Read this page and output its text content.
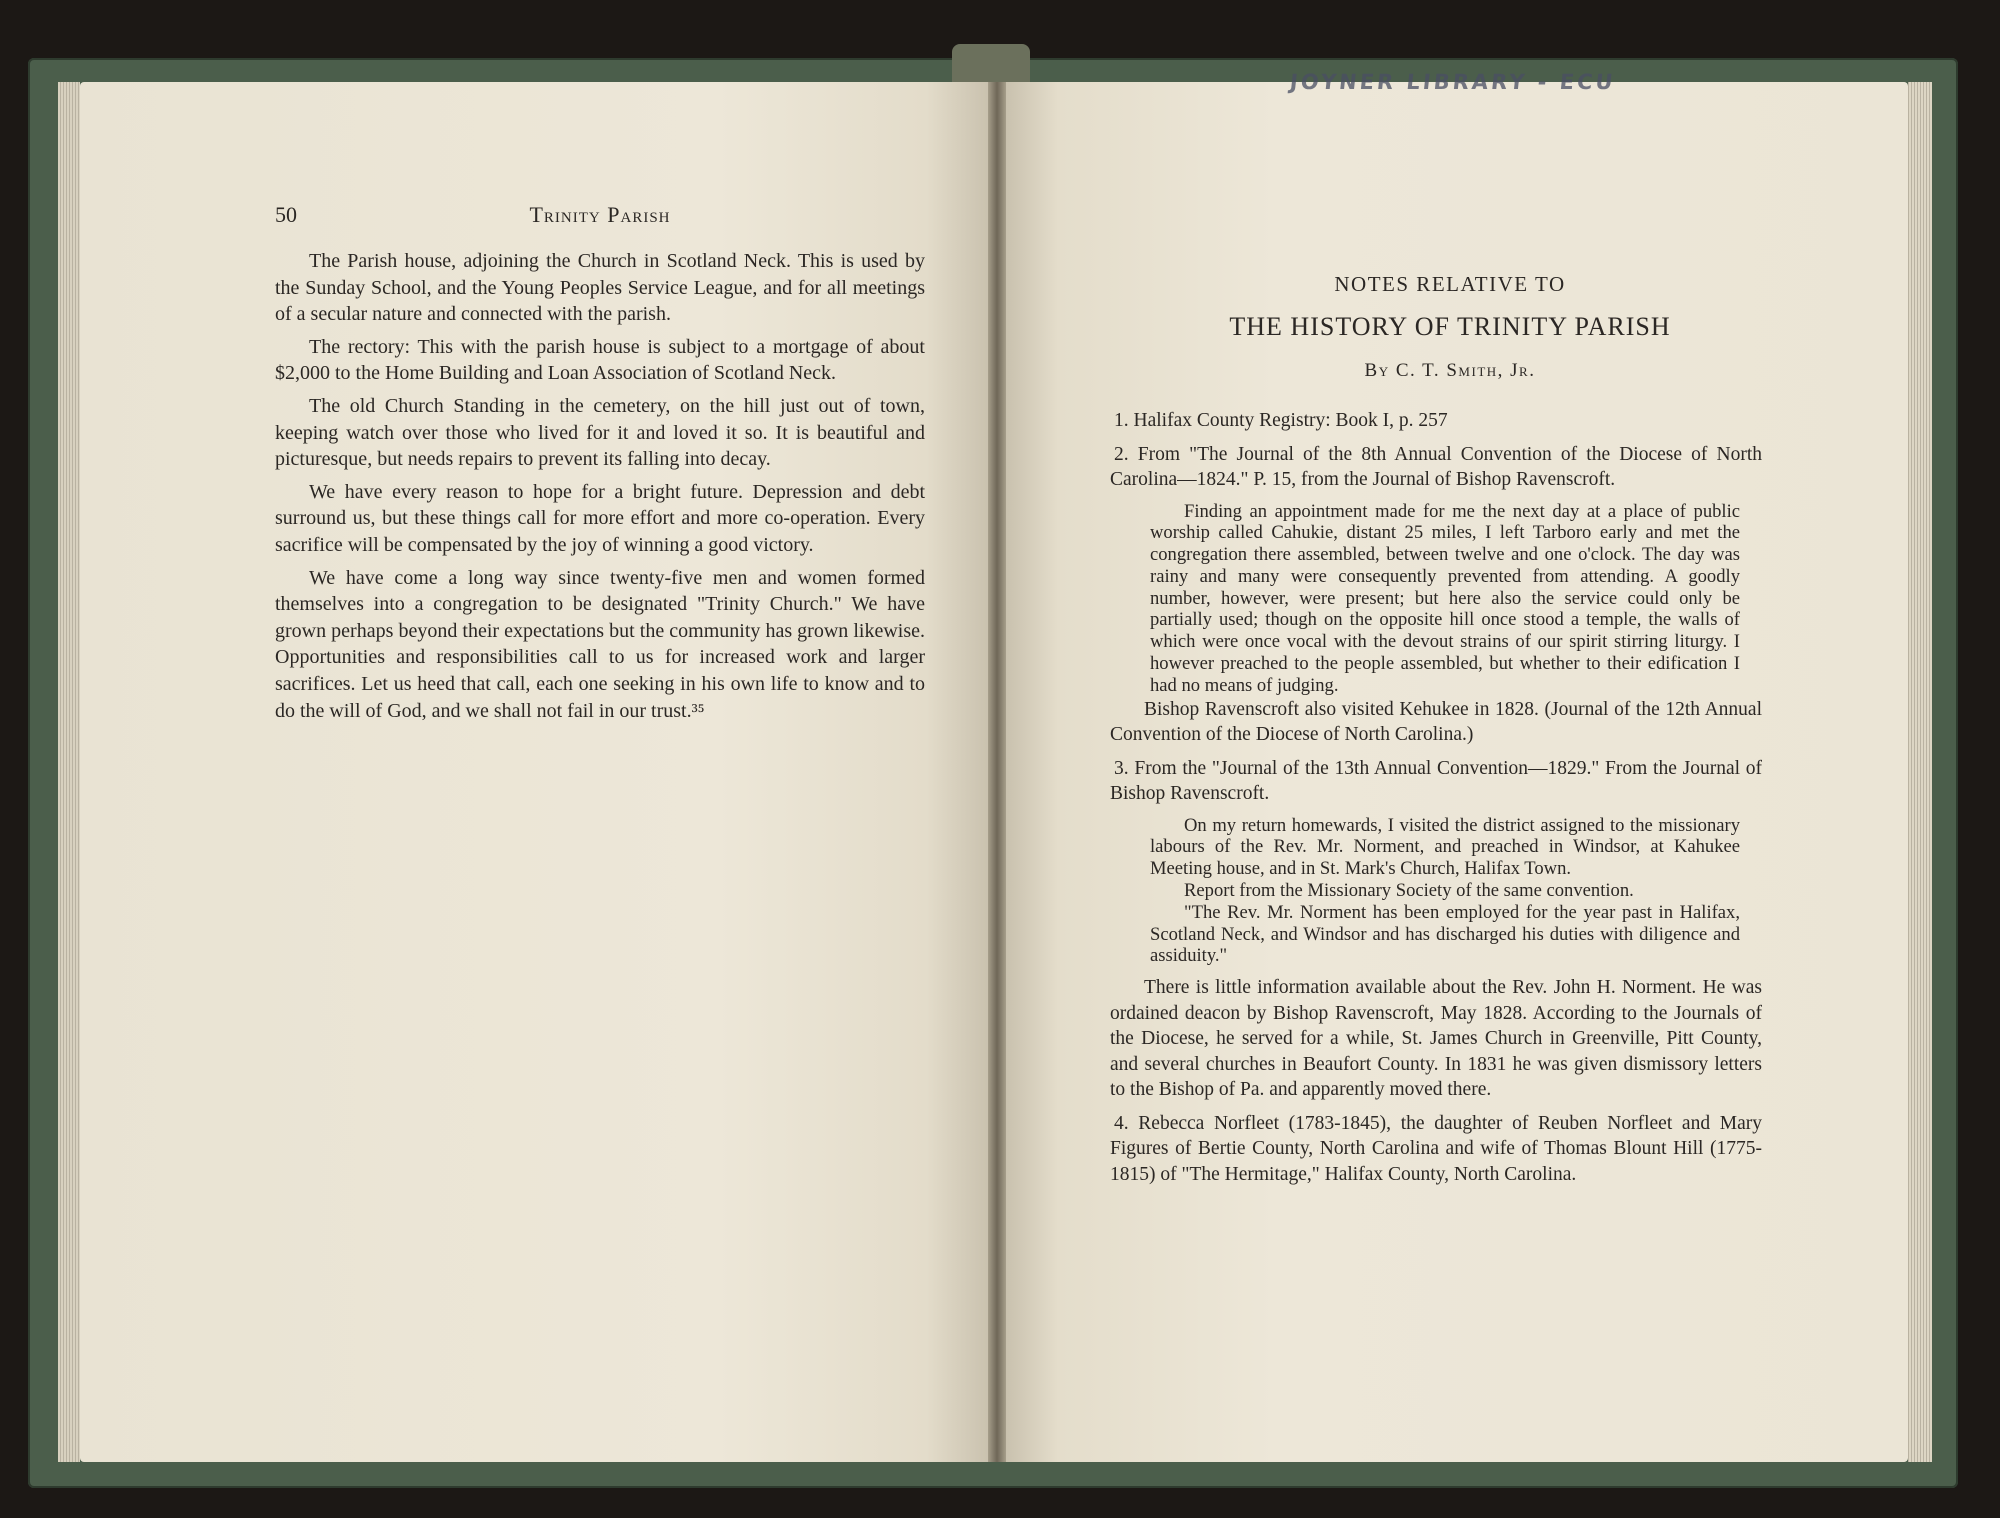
JOYNER LIBRARY - ECU
Trinity Parish
50

The Parish house, adjoining the Church in Scotland Neck. This is used by the Sunday School, and the Young Peoples Service League, and for all meetings of a secular nature and connected with the parish.

The rectory: This with the parish house is subject to a mortgage of about $2,000 to the Home Building and Loan Association of Scotland Neck.

The old Church Standing in the cemetery, on the hill just out of town, keeping watch over those who lived for it and loved it so. It is beautiful and picturesque, but needs repairs to prevent its falling into decay.

We have every reason to hope for a bright future. Depression and debt surround us, but these things call for more effort and more co-operation. Every sacrifice will be compensated by the joy of winning a good victory.

We have come a long way since twenty-five men and women formed themselves into a congregation to be designated "Trinity Church." We have grown perhaps beyond their expectations but the community has grown likewise. Opportunities and responsibilities call to us for increased work and larger sacrifices. Let us heed that call, each one seeking in his own life to know and to do the will of God, and we shall not fail in our trust.³⁵

NOTES RELATIVE TO
THE HISTORY OF TRINITY PARISH
By C. T. Smith, Jr.

1. Halifax County Registry: Book I, p. 257

2. From "The Journal of the 8th Annual Convention of the Diocese of North Carolina—1824." P. 15, from the Journal of Bishop Ravenscroft.

Finding an appointment made for me the next day at a place of public worship called Cahukie, distant 25 miles, I left Tarboro early and met the congregation there assembled, between twelve and one o'clock. The day was rainy and many were consequently prevented from attending. A goodly number, however, were present; but here also the service could only be partially used; though on the opposite hill once stood a temple, the walls of which were once vocal with the devout strains of our spirit stirring liturgy. I however preached to the people assembled, but whether to their edification I had no means of judging.

Bishop Ravenscroft also visited Kehukee in 1828. (Journal of the 12th Annual Convention of the Diocese of North Carolina.)

3. From the "Journal of the 13th Annual Convention—1829." From the Journal of Bishop Ravenscroft.

On my return homewards, I visited the district assigned to the missionary labours of the Rev. Mr. Norment, and preached in Windsor, at Kahukee Meeting house, and in St. Mark's Church, Halifax Town.

Report from the Missionary Society of the same convention.

"The Rev. Mr. Norment has been employed for the year past in Halifax, Scotland Neck, and Windsor and has discharged his duties with diligence and assiduity."

There is little information available about the Rev. John H. Norment. He was ordained deacon by Bishop Ravenscroft, May 1828. According to the Journals of the Diocese, he served for a while, St. James Church in Greenville, Pitt County, and several churches in Beaufort County. In 1831 he was given dismissory letters to the Bishop of Pa. and apparently moved there.

4. Rebecca Norfleet (1783-1845), the daughter of Reuben Norfleet and Mary Figures of Bertie County, North Carolina and wife of Thomas Blount Hill (1775-1815) of "The Hermitage," Halifax County, North Carolina.
